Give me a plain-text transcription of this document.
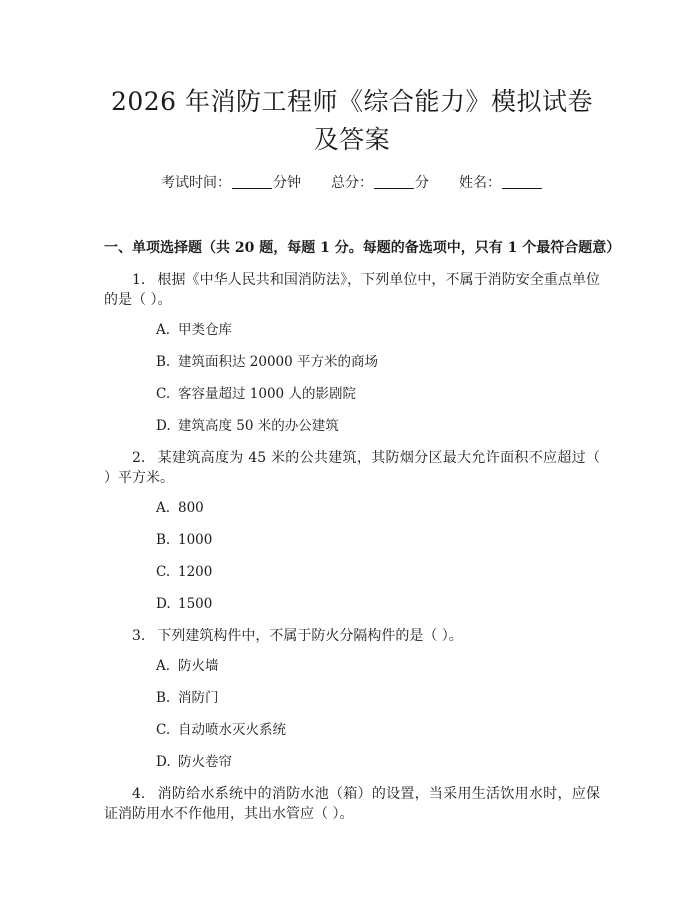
2026 年消防工程师《综合能力》模拟试卷及答案
考试时间：	分钟 总分：	分 姓名：
一、单项选择题（共 20 题，每题 1 分。每题的备选项中，只有 1 个最符合题意）
1. 根据《中华人民共和国消防法》，下列单位中，不属于消防安全重点单位的是（ ）。
A. 甲类仓库
B. 建筑面积达 20000 平方米的商场
C. 客容量超过 1000 人的影剧院
D. 建筑高度 50 米的办公建筑
2. 某建筑高度为 45 米的公共建筑，其防烟分区最大允许面积不应超过（ ）平方米。
A. 800
B. 1000
C. 1200
D. 1500
3. 下列建筑构件中，不属于防火分隔构件的是（ ）。
A. 防火墙
B. 消防门
C. 自动喷水灭火系统
D. 防火卷帘
4. 消防给水系统中的消防水池（箱）的设置，当采用生活饮用水时，应保证消防用水不作他用，其出水管应（ ）。
